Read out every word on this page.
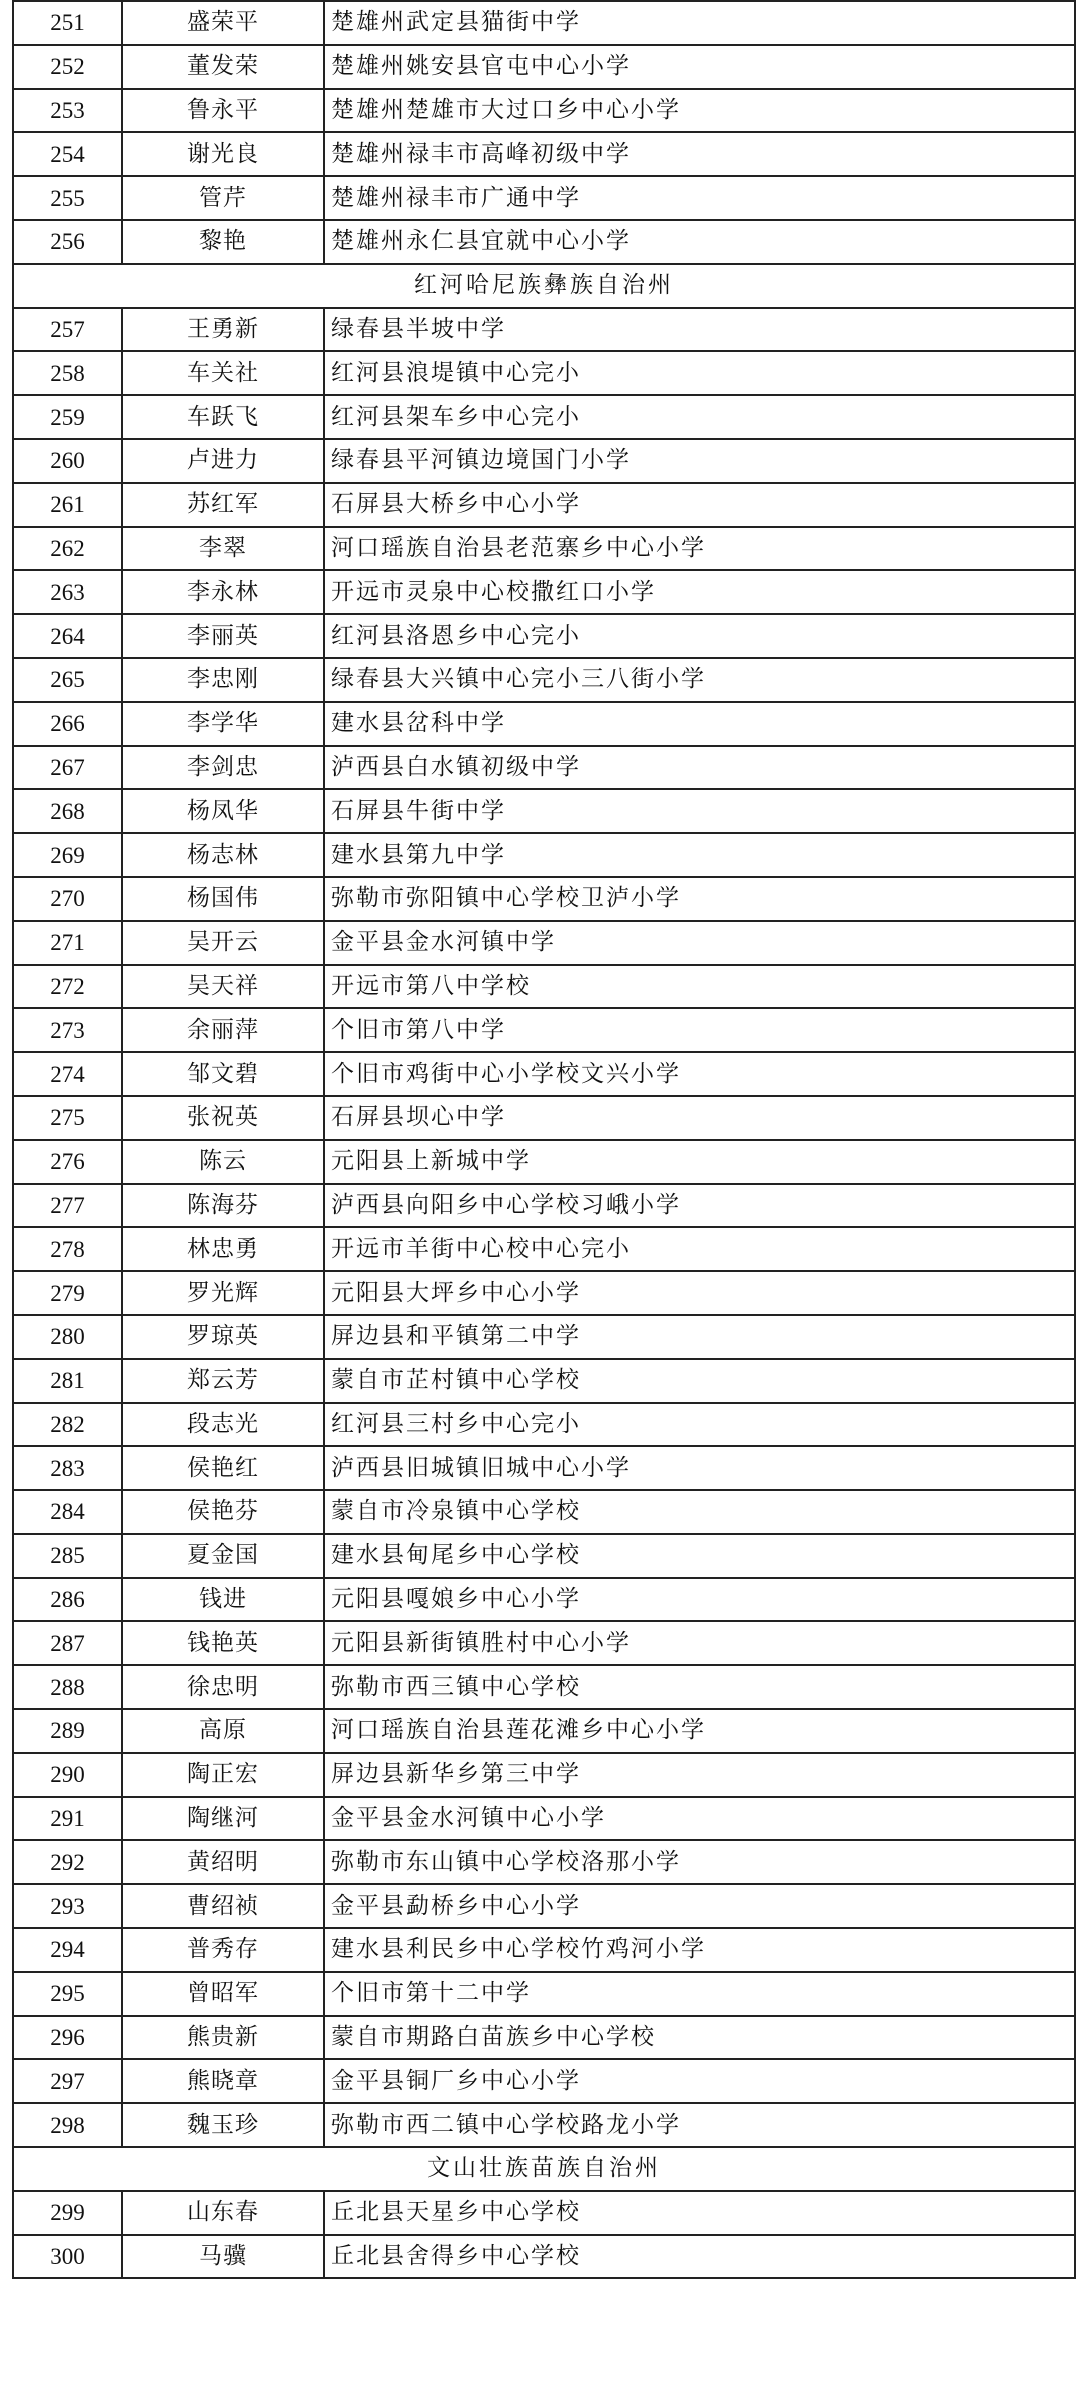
251	盛荣平	楚雄州武定县猫街中学
252	董发荣	楚雄州姚安县官屯中心小学
253	鲁永平	楚雄州楚雄市大过口乡中心小学
254	谢光良	楚雄州禄丰市高峰初级中学
255	管芹	楚雄州禄丰市广通中学
256	黎艳	楚雄州永仁县宜就中心小学
红河哈尼族彝族自治州		
257	王勇新	绿春县半坡中学
258	车关社	红河县浪堤镇中心完小
259	车跃飞	红河县架车乡中心完小
260	卢进力	绿春县平河镇边境国门小学
261	苏红军	石屏县大桥乡中心小学
262	李翠	河口瑶族自治县老范寨乡中心小学
263	李永林	开远市灵泉中心校撒红口小学
264	李丽英	红河县洛恩乡中心完小
265	李忠刚	绿春县大兴镇中心完小三八街小学
266	李学华	建水县岔科中学
267	李剑忠	泸西县白水镇初级中学
268	杨凤华	石屏县牛街中学
269	杨志林	建水县第九中学
270	杨国伟	弥勒市弥阳镇中心学校卫泸小学
271	吴开云	金平县金水河镇中学
272	吴天祥	开远市第八中学校
273	余丽萍	个旧市第八中学
274	邹文碧	个旧市鸡街中心小学校文兴小学
275	张祝英	石屏县坝心中学
276	陈云	元阳县上新城中学
277	陈海芬	泸西县向阳乡中心学校习峨小学
278	林忠勇	开远市羊街中心校中心完小
279	罗光辉	元阳县大坪乡中心小学
280	罗琼英	屏边县和平镇第二中学
281	郑云芳	蒙自市芷村镇中心学校
282	段志光	红河县三村乡中心完小
283	侯艳红	泸西县旧城镇旧城中心小学
284	侯艳芬	蒙自市冷泉镇中心学校
285	夏金国	建水县甸尾乡中心学校
286	钱进	元阳县嘎娘乡中心小学
287	钱艳英	元阳县新街镇胜村中心小学
288	徐忠明	弥勒市西三镇中心学校
289	高原	河口瑶族自治县莲花滩乡中心小学
290	陶正宏	屏边县新华乡第三中学
291	陶继河	金平县金水河镇中心小学
292	黄绍明	弥勒市东山镇中心学校洛那小学
293	曹绍祯	金平县勐桥乡中心小学
294	普秀存	建水县利民乡中心学校竹鸡河小学
295	曾昭军	个旧市第十二中学
296	熊贵新	蒙自市期路白苗族乡中心学校
297	熊晓章	金平县铜厂乡中心小学
298	魏玉珍	弥勒市西二镇中心学校路龙小学
文山壮族苗族自治州		
299	山东春	丘北县天星乡中心学校
300	马骥	丘北县舍得乡中心学校
